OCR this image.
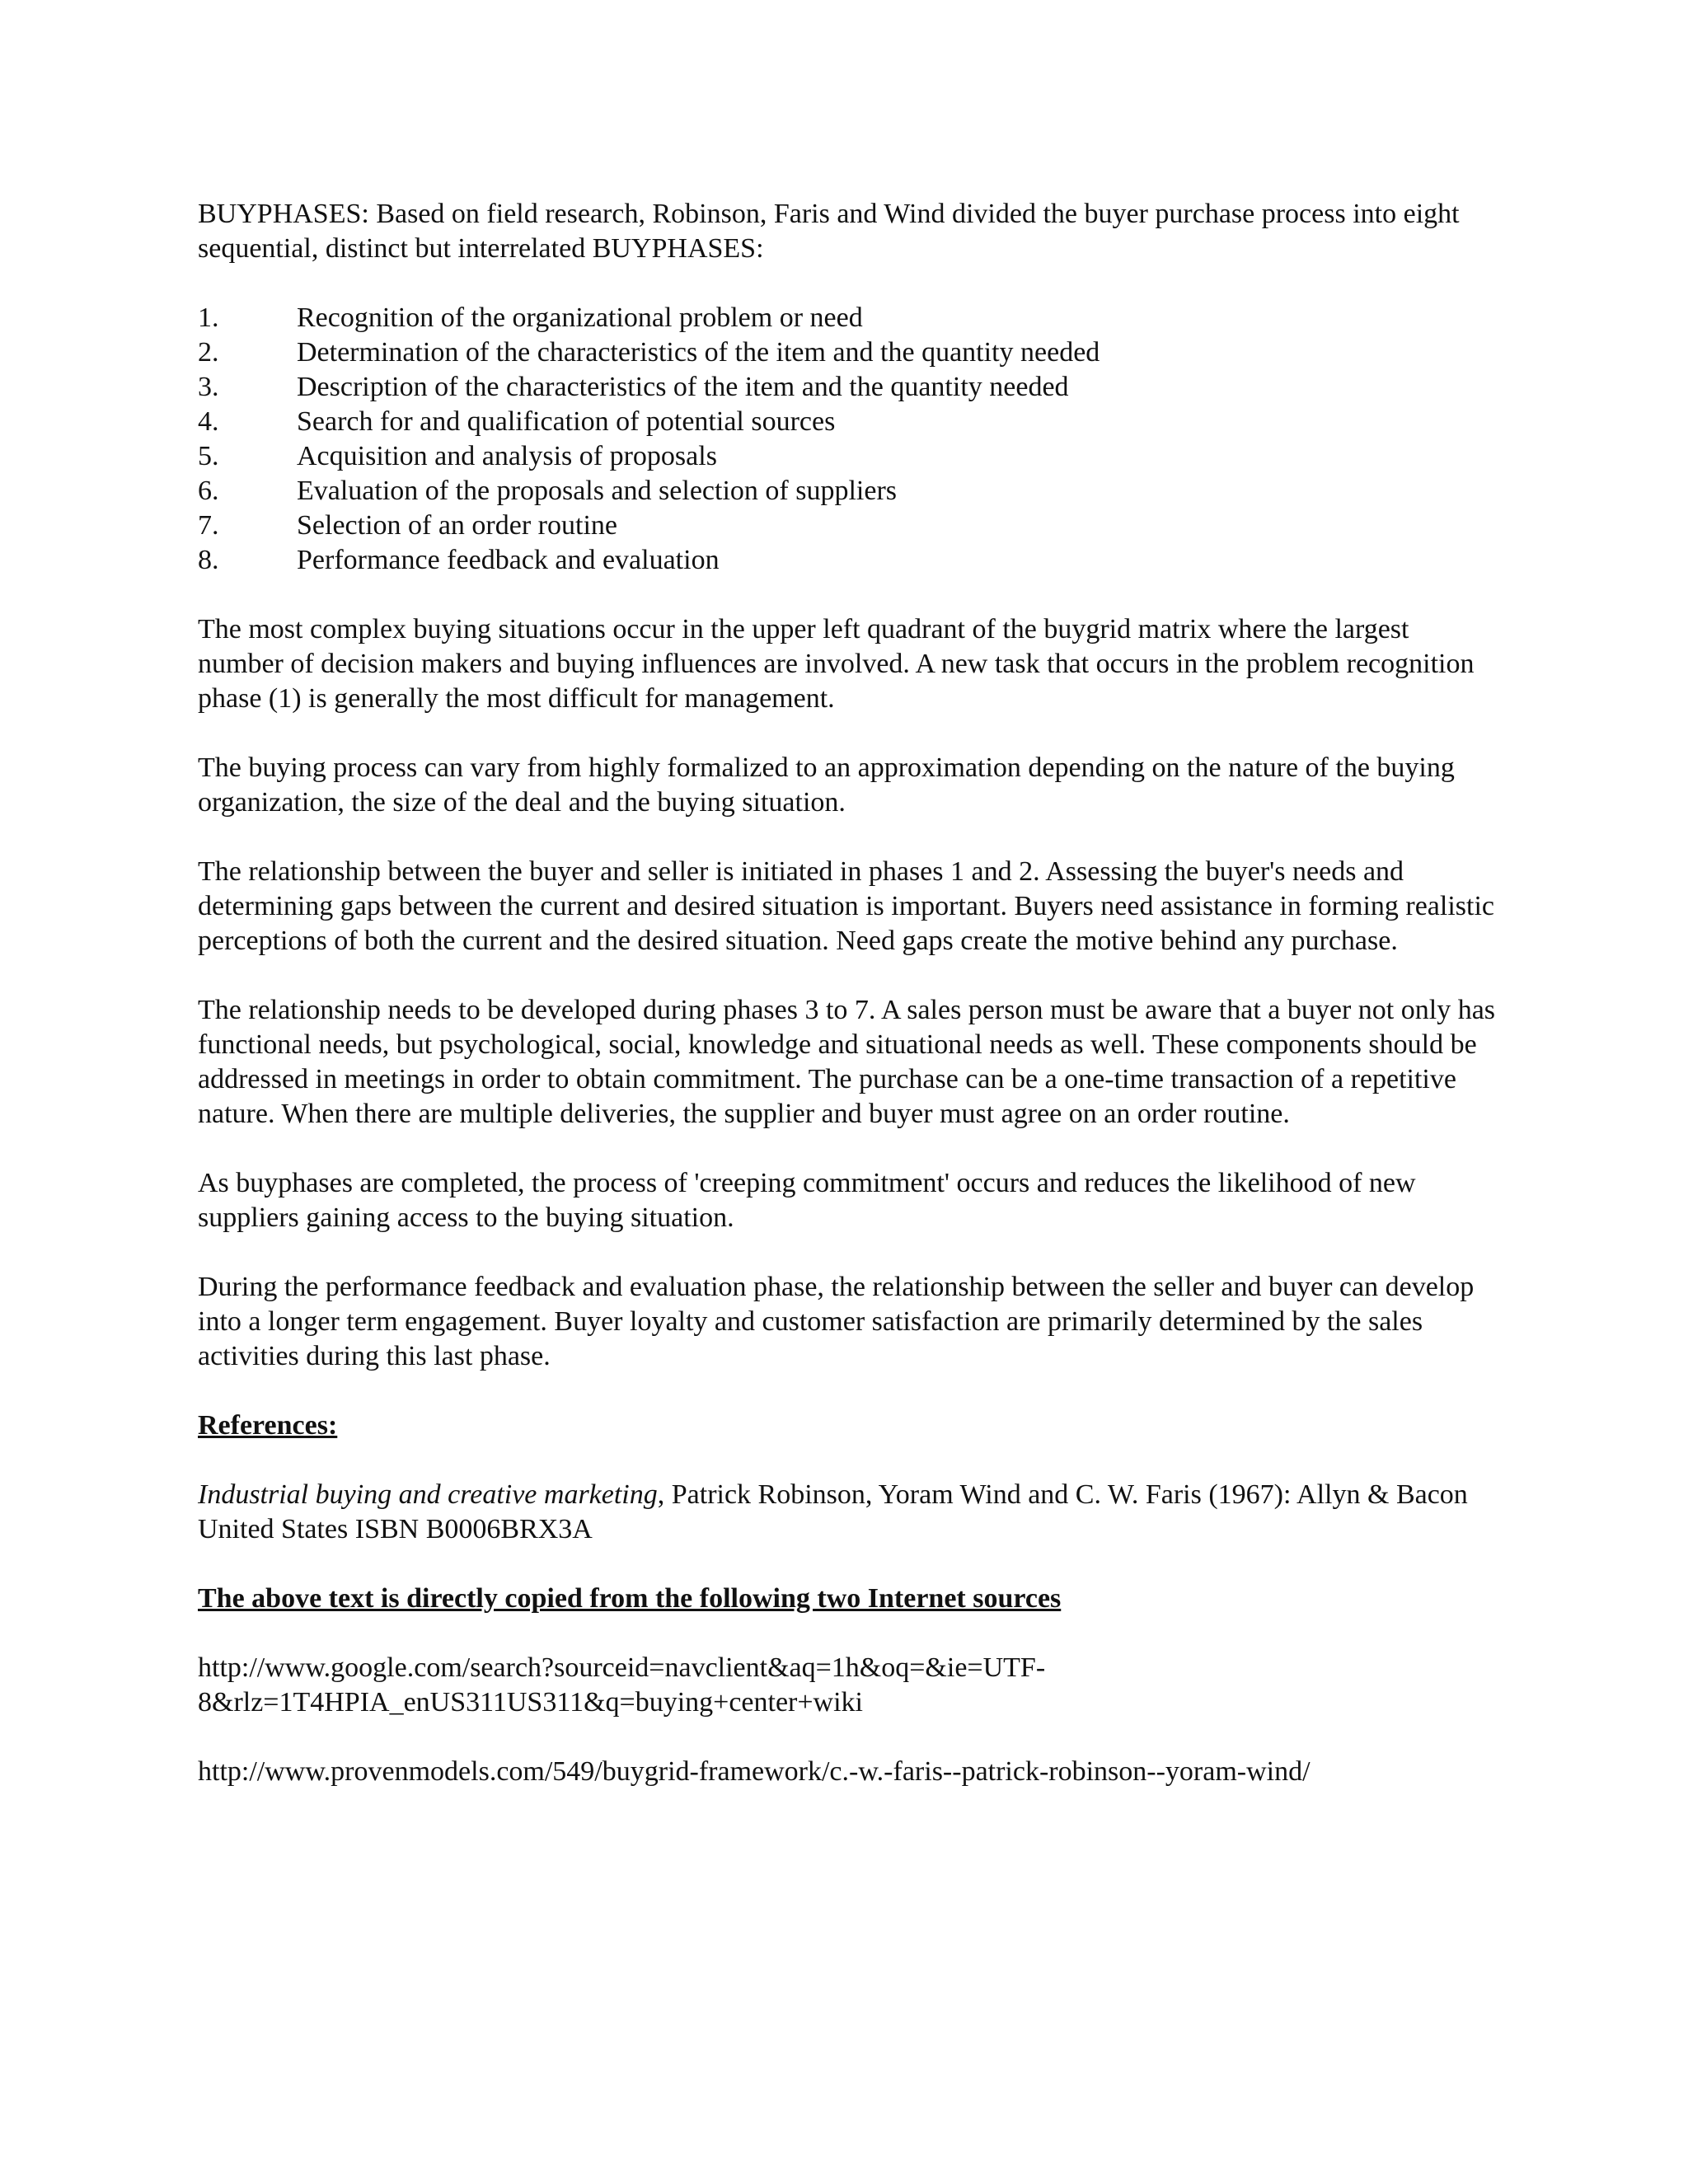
BUYPHASES: Based on field research, Robinson, Faris and Wind divided the buyer purchase process into eight sequential, distinct but interrelated BUYPHASES:

1.	Recognition of the organizational problem or need
2.	Determination of the characteristics of the item and the quantity needed
3.	Description of the characteristics of the item and the quantity needed
4.	Search for and qualification of potential sources
5.	Acquisition and analysis of proposals
6.	Evaluation of the proposals and selection of suppliers
7.	Selection of an order routine
8.	Performance feedback and evaluation

The most complex buying situations occur in the upper left quadrant of the buygrid matrix where the largest number of decision makers and buying influences are involved. A new task that occurs in the problem recognition phase (1) is generally the most difficult for management.

The buying process can vary from highly formalized to an approximation depending on the nature of the buying organization, the size of the deal and the buying situation.

The relationship between the buyer and seller is initiated in phases 1 and 2. Assessing the buyer's needs and determining gaps between the current and desired situation is important. Buyers need assistance in forming realistic perceptions of both the current and the desired situation. Need gaps create the motive behind any purchase.

The relationship needs to be developed during phases 3 to 7. A sales person must be aware that a buyer not only has functional needs, but psychological, social, knowledge and situational needs as well. These components should be addressed in meetings in order to obtain commitment. The purchase can be a one-time transaction of a repetitive nature. When there are multiple deliveries, the supplier and buyer must agree on an order routine.

As buyphases are completed, the process of 'creeping commitment' occurs and reduces the likelihood of new suppliers gaining access to the buying situation.

During the performance feedback and evaluation phase, the relationship between the seller and buyer can develop into a longer term engagement. Buyer loyalty and customer satisfaction are primarily determined by the sales activities during this last phase.

References:

Industrial buying and creative marketing, Patrick Robinson, Yoram Wind and C. W. Faris (1967): Allyn & Bacon United States ISBN B0006BRX3A

The above text is directly copied from the following two Internet sources

http://www.google.com/search?sourceid=navclient&aq=1h&oq=&ie=UTF-
8&rlz=1T4HPIA_enUS311US311&q=buying+center+wiki

http://www.provenmodels.com/549/buygrid-framework/c.-w.-faris--patrick-robinson--yoram-wind/
